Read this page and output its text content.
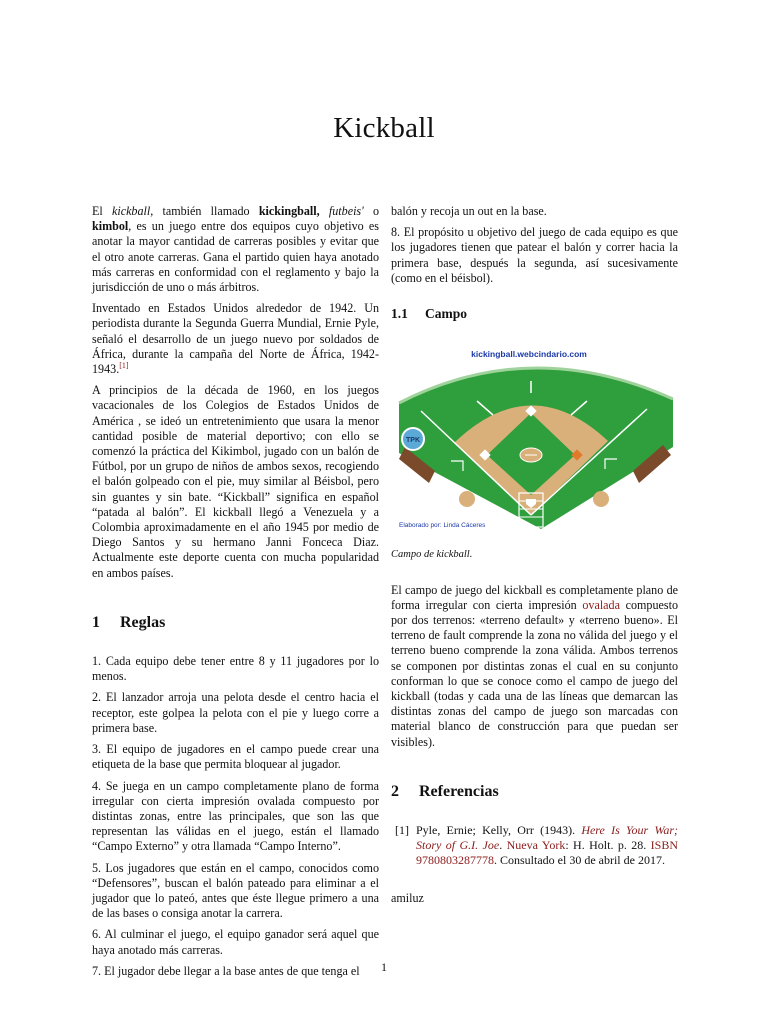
Kickball

El kickball, también llamado kickingball, futbeis' o kimbol, es un juego entre dos equipos cuyo objetivo es anotar la mayor cantidad de carreras posibles y evitar que el otro anote carreras. Gana el partido quien haya anotado más carreras en conformidad con el reglamento y bajo la jurisdicción de uno o más árbitros.

Inventado en Estados Unidos alrededor de 1942. Un periodista durante la Segunda Guerra Mundial, Ernie Pyle, señaló el desarrollo de un juego nuevo por soldados de África, durante la campaña del Norte de África, 1942-1943.[1]

A principios de la década de 1960, en los juegos vacacionales de los Colegios de Estados Unidos de América , se ideó un entretenimiento que usara la menor cantidad posible de material deportivo; con ello se comenzó la práctica del Kikimbol, jugado con un balón de Fútbol, por un grupo de niños de ambos sexos, recogiendo el balón golpeado con el pie, muy similar al Béisbol, pero sin guantes y sin bate. “Kickball” significa en español “patada al balón”. El kickball llegó a Venezuela y a Colombia aproximadamente en el año 1945 por medio de Diego Santos y su hermano Janni Fonceca Diaz. Actualmente este deporte cuenta con mucha popularidad en ambos países.

1 Reglas

1. Cada equipo debe tener entre 8 y 11 jugadores por lo menos.

2. El lanzador arroja una pelota desde el centro hacia el receptor, este golpea la pelota con el pie y luego corre a primera base.

3. El equipo de jugadores en el campo puede crear una etiqueta de la base que permita bloquear al jugador.

4. Se juega en un campo completamente plano de forma irregular con cierta impresión ovalada compuesto por distintas zonas, entre las principales, que son las que representan las válidas en el juego, están el llamado “Campo Externo” y otra llamada “Campo Interno”.

5. Los jugadores que están en el campo, conocidos como “Defensores”, buscan el balón pateado para eliminar a el jugador que lo pateó, antes que éste llegue primero a una de las bases o consiga anotar la carrera.

6. Al culminar el juego, el equipo ganador será aquel que haya anotado más carreras.

7. El jugador debe llegar a la base antes de que tenga el

balón y recoja un out en la base.

8. El propósito u objetivo del juego de cada equipo es que los jugadores tienen que patear el balón y correr hacia la primera base, después la segunda, así sucesivamente (como en el béisbol).

1.1 Campo
kickingball.webcindario.com
TPK
Elaborado por: Linda Cáceres
Campo de kickball.

El campo de juego del kickball es completamente plano de forma irregular con cierta impresión ovalada compuesto por dos terrenos: «terreno default» y «terreno bueno». El terreno de fault comprende la zona no válida del juego y el terreno bueno comprende la zona válida. Ambos terrenos se componen por distintas zonas el cual en su conjunto conforman lo que se conoce como el campo de juego del kickball (todas y cada una de las líneas que demarcan las distintas zonas del campo de juego son marcadas con material blanco de construcción para que puedan ser visibles).

2 Referencias
[1] Pyle, Ernie; Kelly, Orr (1943). Here Is Your War; Story of G.I. Joe. Nueva York: H. Holt. p. 28. ISBN 9780803287778. Consultado el 30 de abril de 2017.
amiluz
1
